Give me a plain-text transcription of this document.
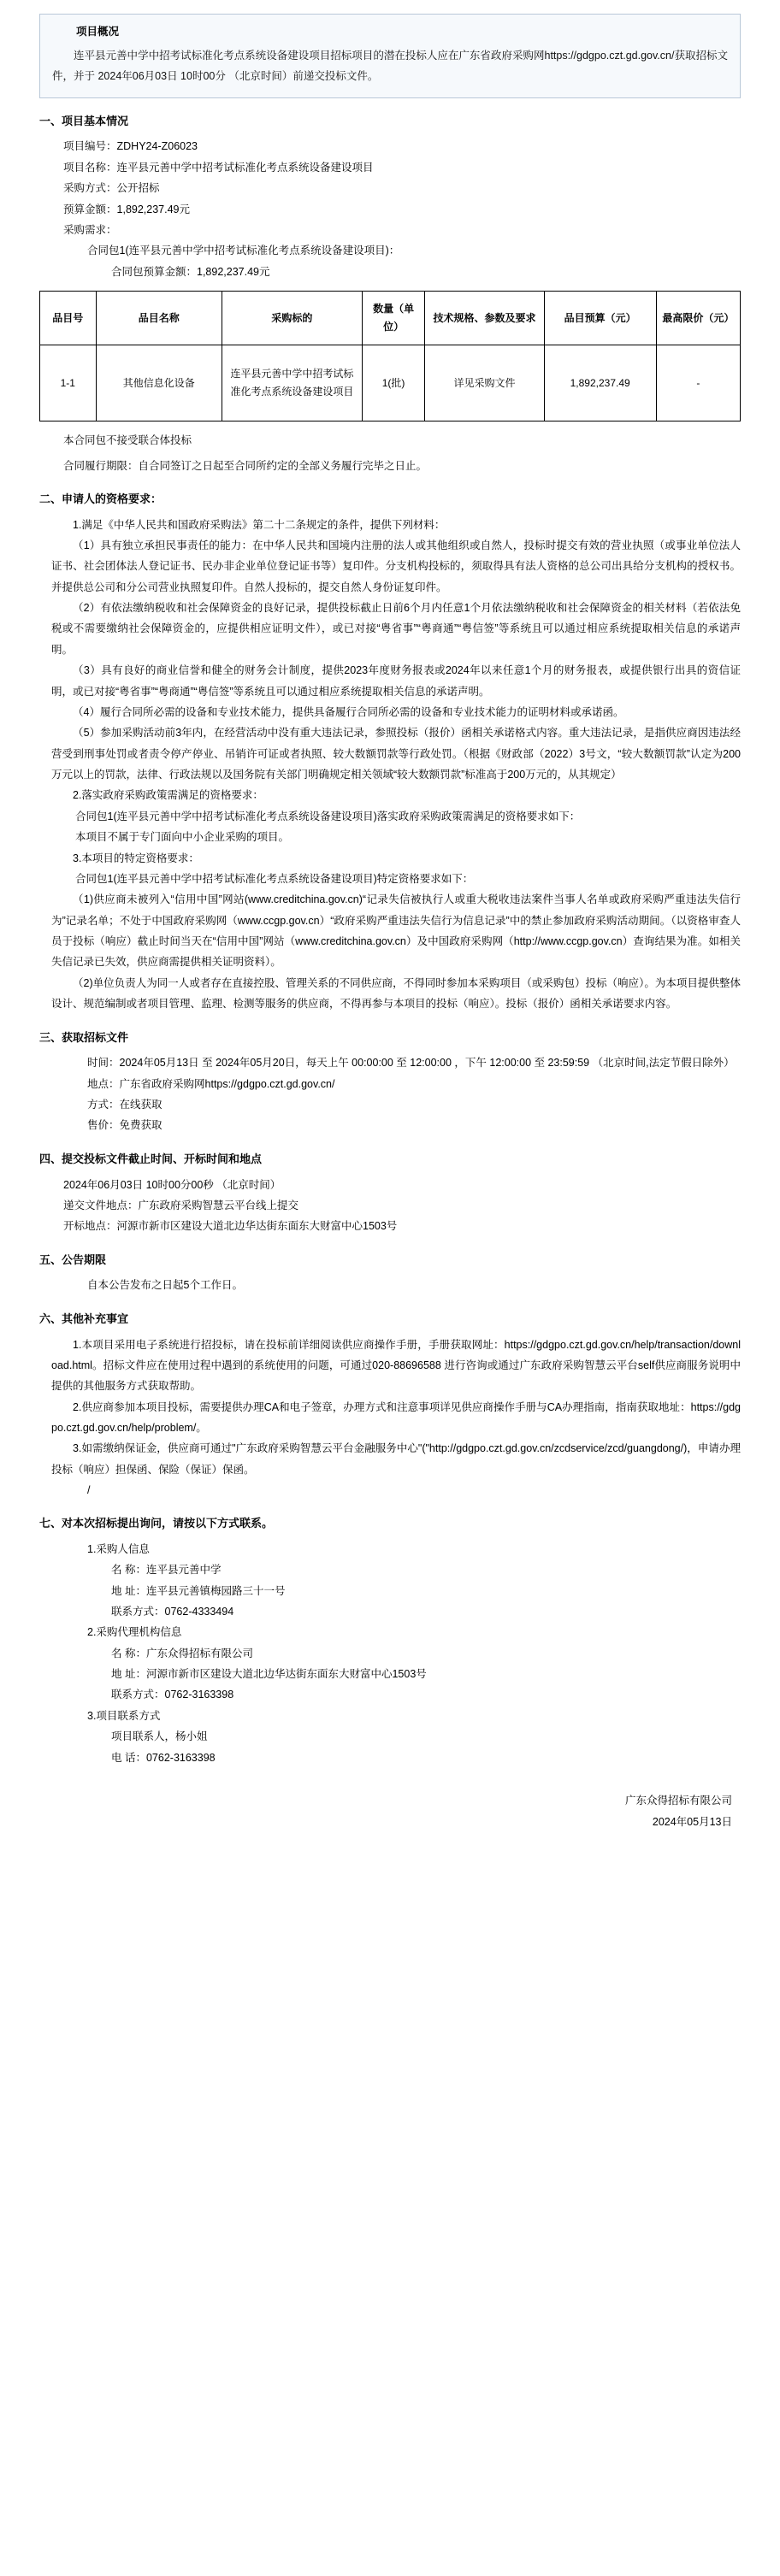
项目概况
连平县元善中学中招考试标准化考点系统设备建设项目招标项目的潜在投标人应在广东省政府采购网https://gdgpo.czt.gd.gov.cn/获取招标文件，并于 2024年06月03日 10时00分 （北京时间）前递交投标文件。
一、项目基本情况
项目编号：ZDHY24-Z06023
项目名称：连平县元善中学中招考试标准化考点系统设备建设项目
采购方式：公开招标
预算金额：1,892,237.49元
采购需求：
合同包1(连平县元善中学中招考试标准化考点系统设备建设项目)：
合同包预算金额：1,892,237.49元
品目号	品目名称	采购标的	数量（单位）	技术规格、参数及要求	品目预算（元）	最高限价（元）
1-1	其他信息化设备	连平县元善中学中招考试标准化考点系统设备建设项目	1(批)	详见采购文件	1,892,237.49	-
本合同包不接受联合体投标
合同履行期限：自合同签订之日起至合同所约定的全部义务履行完毕之日止。
二、申请人的资格要求：
1.满足《中华人民共和国政府采购法》第二十二条规定的条件，提供下列材料：
（1）具有独立承担民事责任的能力：在中华人民共和国境内注册的法人或其他组织或自然人，投标时提交有效的营业执照（或事业单位法人证书、社会团体法人登记证书、民办非企业单位登记证书等）复印件。分支机构投标的，须取得具有法人资格的总公司出具给分支机构的授权书。并提供总公司和分公司营业执照复印件。自然人投标的，提交自然人身份证复印件。
（2）有依法缴纳税收和社会保障资金的良好记录，提供投标截止日前6个月内任意1个月依法缴纳税收和社会保障资金的相关材料（若依法免税或不需要缴纳社会保障资金的，应提供相应证明文件），或已对接“粤省事”“粤商通”“粤信签”等系统且可以通过相应系统提取相关信息的承诺声明。
（3）具有良好的商业信誉和健全的财务会计制度，提供2023年度财务报表或2024年以来任意1个月的财务报表，或提供银行出具的资信证明，或已对接“粤省事”“粤商通”“粤信签”等系统且可以通过相应系统提取相关信息的承诺声明。
（4）履行合同所必需的设备和专业技术能力，提供具备履行合同所必需的设备和专业技术能力的证明材料或承诺函。
（5）参加采购活动前3年内，在经营活动中没有重大违法记录，参照投标（报价）函相关承诺格式内容。重大违法记录，是指供应商因违法经营受到刑事处罚或者责令停产停业、吊销许可证或者执照、较大数额罚款等行政处罚。（根据《财政部（2022）3号文，“较大数额罚款”认定为200万元以上的罚款，法律、行政法规以及国务院有关部门明确规定相关领域“较大数额罚款”标准高于200万元的，从其规定）
2.落实政府采购政策需满足的资格要求：
合同包1(连平县元善中学中招考试标准化考点系统设备建设项目)落实政府采购政策需满足的资格要求如下：
本项目不属于专门面向中小企业采购的项目。
3.本项目的特定资格要求：
合同包1(连平县元善中学中招考试标准化考点系统设备建设项目)特定资格要求如下：
（1)供应商未被列入“信用中国”网站(www.creditchina.gov.cn)“记录失信被执行人或重大税收违法案件当事人名单或政府采购严重违法失信行为”记录名单；不处于中国政府采购网（www.ccgp.gov.cn）“政府采购严重违法失信行为信息记录”中的禁止参加政府采购活动期间。（以资格审查人员于投标（响应）截止时间当天在“信用中国”网站（www.creditchina.gov.cn）及中国政府采购网（http://www.ccgp.gov.cn）查询结果为准。如相关失信记录已失效，供应商需提供相关证明资料）。
（2)单位负责人为同一人或者存在直接控股、管理关系的不同供应商，不得同时参加本采购项目（或采购包）投标（响应）。为本项目提供整体设计、规范编制或者项目管理、监理、检测等服务的供应商，不得再参与本项目的投标（响应）。投标（报价）函相关承诺要求内容。
三、获取招标文件
时间：2024年05月13日 至 2024年05月20日，每天上午 00:00:00 至 12:00:00 ，下午 12:00:00 至 23:59:59 （北京时间,法定节假日除外）
地点：广东省政府采购网https://gdgpo.czt.gd.gov.cn/
方式：在线获取
售价：免费获取
四、提交投标文件截止时间、开标时间和地点
2024年06月03日 10时00分00秒 （北京时间）
递交文件地点：广东政府采购智慧云平台线上提交
开标地点：河源市新市区建设大道北边华达街东面东大财富中心1503号
五、公告期限
自本公告发布之日起5个工作日。
六、其他补充事宜
1.本项目采用电子系统进行招投标，请在投标前详细阅读供应商操作手册，手册获取网址：https://gdgpo.czt.gd.gov.cn/help/transaction/download.html。招标文件应在使用过程中遇到的系统使用的问题，可通过020-88696588 进行咨询或通过广东政府采购智慧云平台self供应商服务说明中提供的其他服务方式获取帮助。
2.供应商参加本项目投标，需要提供办理CA和电子签章，办理方式和注意事项详见供应商操作手册与CA办理指南，指南获取地址：https://gdgpo.czt.gd.gov.cn/help/problem/。
3.如需缴纳保证金，供应商可通过"广东政府采购智慧云平台金融服务中心"("http://gdgpo.czt.gd.gov.cn/zcdservice/zcd/guangdong/)，申请办理投标（响应）担保函、保险（保证）保函。
/
七、对本次招标提出询问，请按以下方式联系。
1.采购人信息
名 称：连平县元善中学
地 址：连平县元善镇梅园路三十一号
联系方式：0762-4333494
2.采购代理机构信息
名 称：广东众得招标有限公司
地 址：河源市新市区建设大道北边华达街东面东大财富中心1503号
联系方式：0762-3163398
3.项目联系方式
项目联系人，杨小姐
电 话：0762-3163398
广东众得招标有限公司
2024年05月13日
